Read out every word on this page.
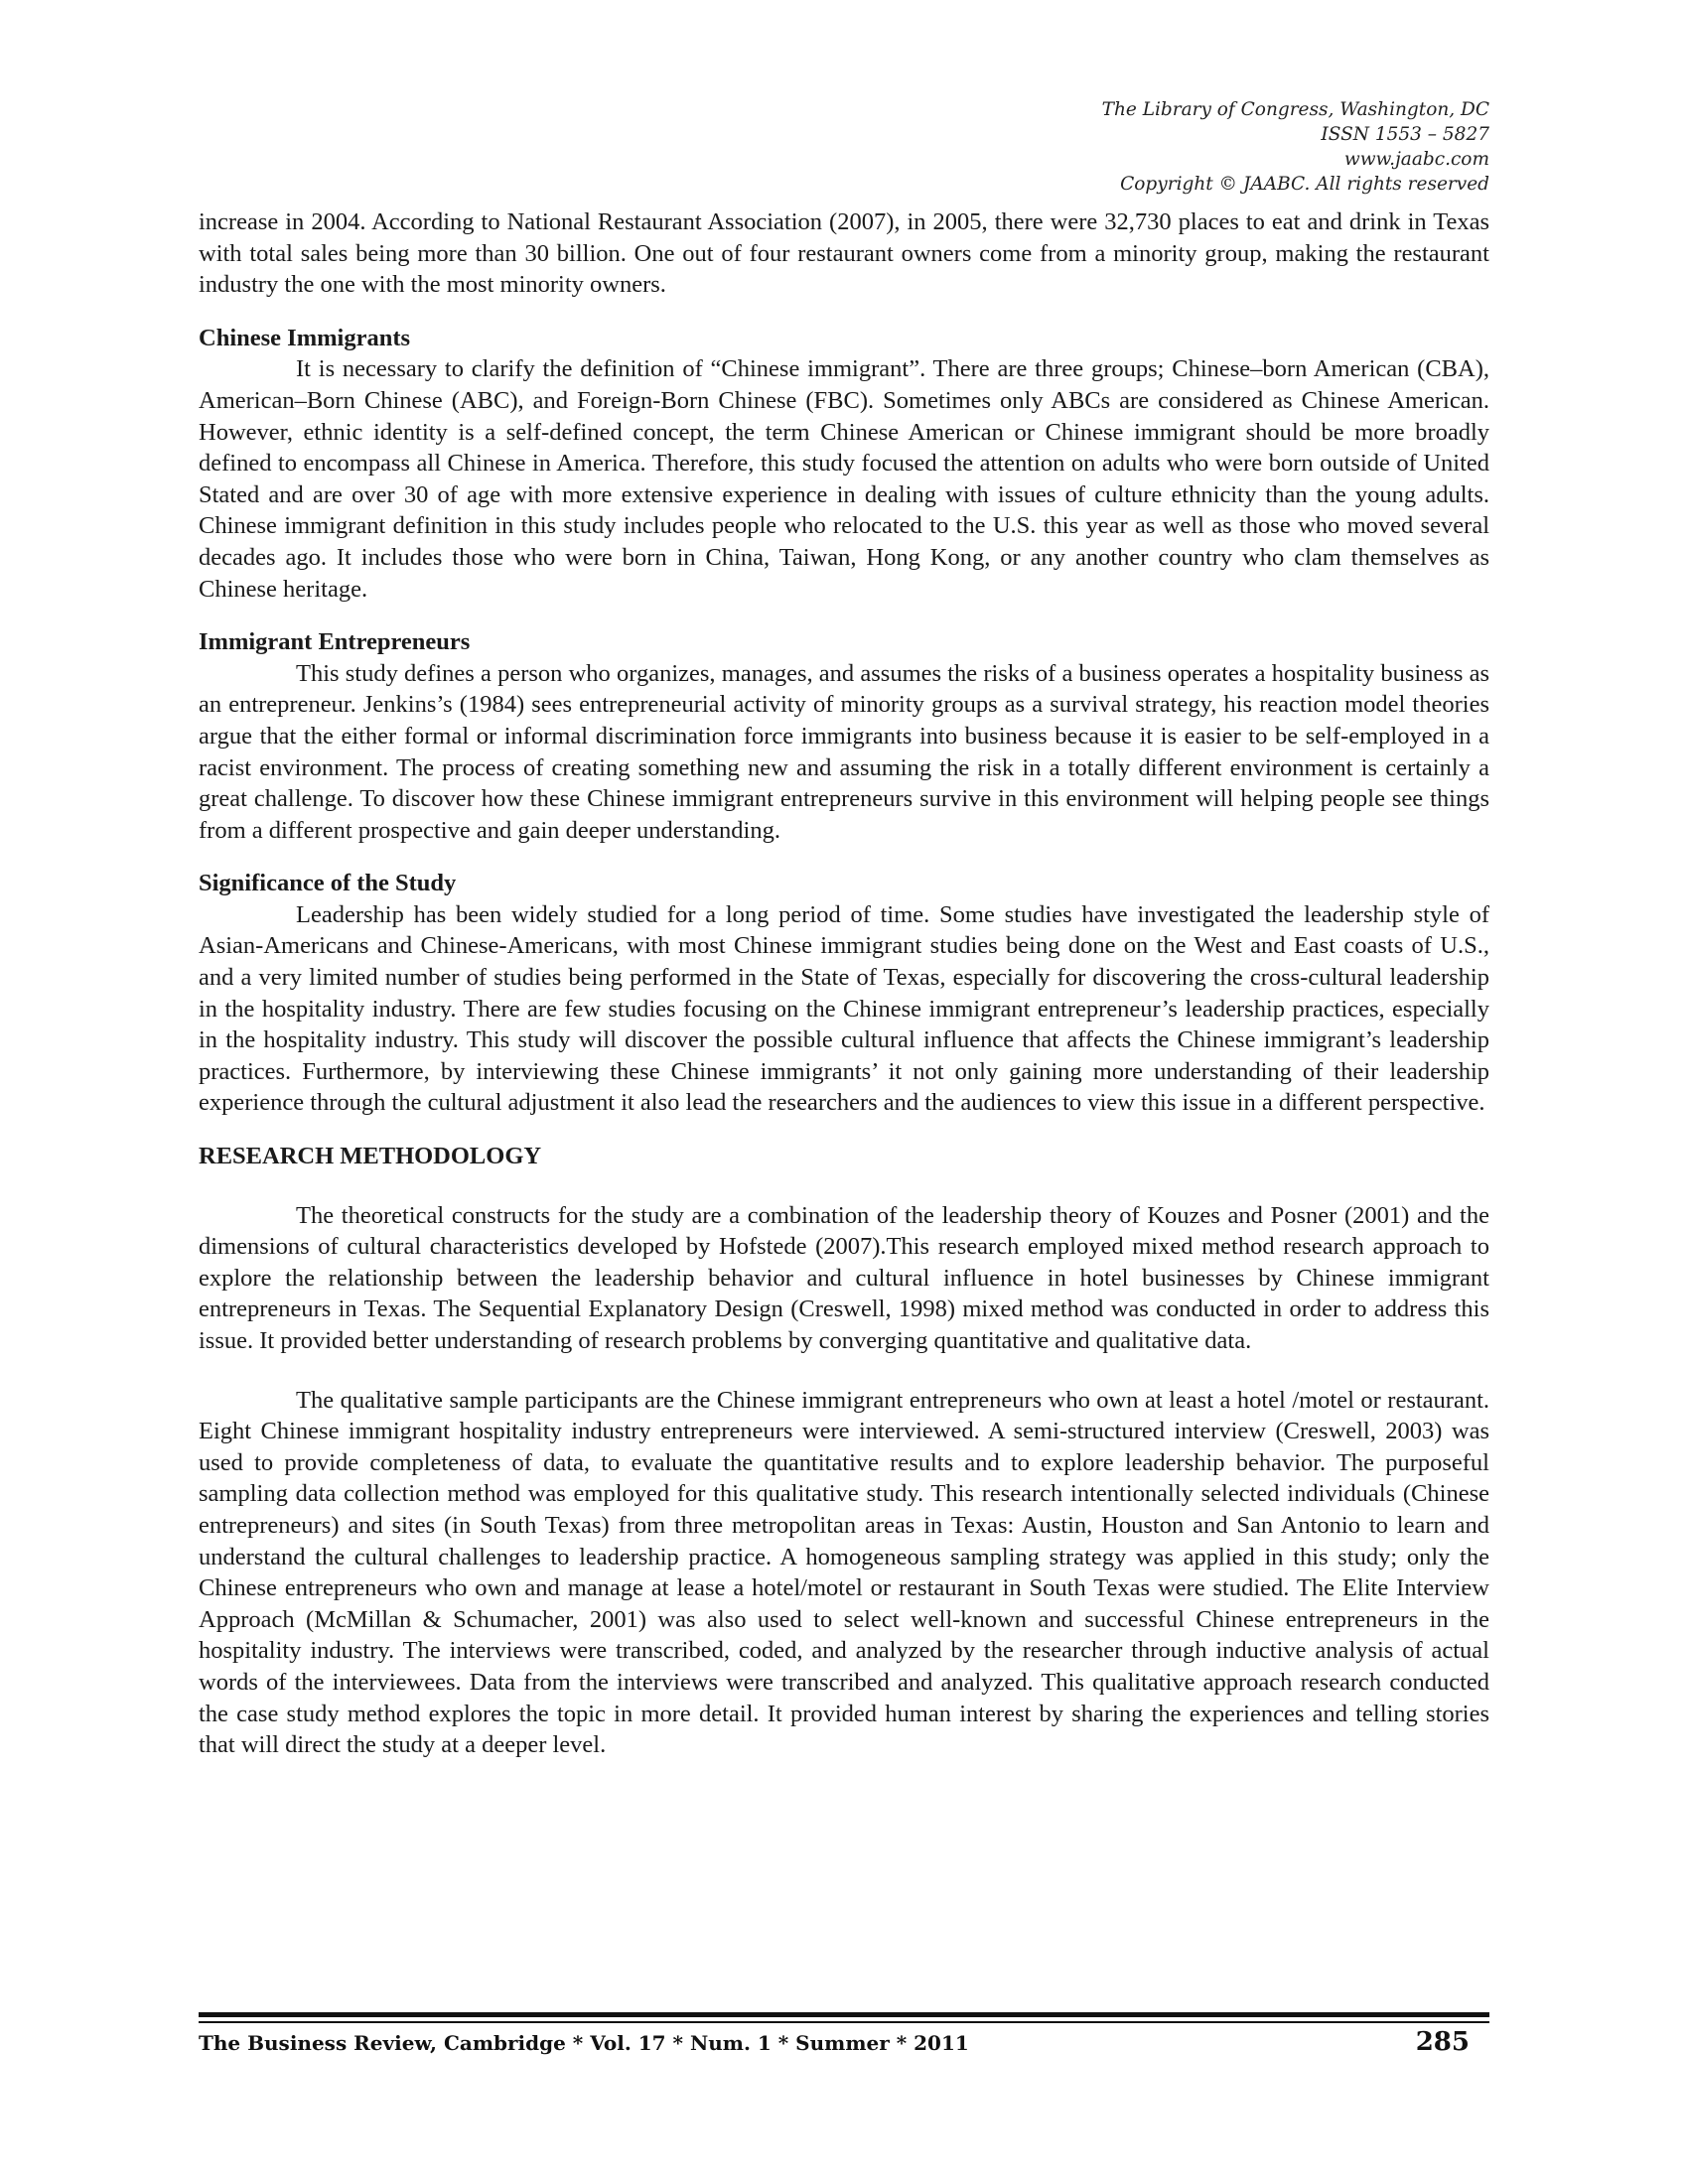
The Library of Congress, Washington, DC
ISSN 1553 – 5827
www.jaabc.com
Copyright © JAABC. All rights reserved

increase in 2004. According to National Restaurant Association (2007), in 2005, there were 32,730 places to eat and drink in Texas with total sales being more than 30 billion. One out of four restaurant owners come from a minority group, making the restaurant industry the one with the most minority owners.

Chinese Immigrants

It is necessary to clarify the definition of “Chinese immigrant”. There are three groups; Chinese–born American (CBA), American–Born Chinese (ABC), and Foreign-Born Chinese (FBC). Sometimes only ABCs are considered as Chinese American. However, ethnic identity is a self-defined concept, the term Chinese American or Chinese immigrant should be more broadly defined to encompass all Chinese in America. Therefore, this study focused the attention on adults who were born outside of United Stated and are over 30 of age with more extensive experience in dealing with issues of culture ethnicity than the young adults. Chinese immigrant definition in this study includes people who relocated to the U.S. this year as well as those who moved several decades ago. It includes those who were born in China, Taiwan, Hong Kong, or any another country who clam themselves as Chinese heritage.

Immigrant Entrepreneurs

This study defines a person who organizes, manages, and assumes the risks of a business operates a hospitality business as an entrepreneur. Jenkins’s (1984) sees entrepreneurial activity of minority groups as a survival strategy, his reaction model theories argue that the either formal or informal discrimination force immigrants into business because it is easier to be self-employed in a racist environment. The process of creating something new and assuming the risk in a totally different environment is certainly a great challenge. To discover how these Chinese immigrant entrepreneurs survive in this environment will helping people see things from a different prospective and gain deeper understanding.

Significance of the Study

Leadership has been widely studied for a long period of time. Some studies have investigated the leadership style of Asian-Americans and Chinese-Americans, with most Chinese immigrant studies being done on the West and East coasts of U.S., and a very limited number of studies being performed in the State of Texas, especially for discovering the cross-cultural leadership in the hospitality industry. There are few studies focusing on the Chinese immigrant entrepreneur’s leadership practices, especially in the hospitality industry. This study will discover the possible cultural influence that affects the Chinese immigrant’s leadership practices. Furthermore, by interviewing these Chinese immigrants’ it not only gaining more understanding of their leadership experience through the cultural adjustment it also lead the researchers and the audiences to view this issue in a different perspective.

RESEARCH METHODOLOGY

The theoretical constructs for the study are a combination of the leadership theory of Kouzes and Posner (2001) and the dimensions of cultural characteristics developed by Hofstede (2007).This research employed mixed method research approach to explore the relationship between the leadership behavior and cultural influence in hotel businesses by Chinese immigrant entrepreneurs in Texas. The Sequential Explanatory Design (Creswell, 1998) mixed method was conducted in order to address this issue. It provided better understanding of research problems by converging quantitative and qualitative data.

The qualitative sample participants are the Chinese immigrant entrepreneurs who own at least a hotel /motel or restaurant. Eight Chinese immigrant hospitality industry entrepreneurs were interviewed. A semi-structured interview (Creswell, 2003) was used to provide completeness of data, to evaluate the quantitative results and to explore leadership behavior. The purposeful sampling data collection method was employed for this qualitative study. This research intentionally selected individuals (Chinese entrepreneurs) and sites (in South Texas) from three metropolitan areas in Texas: Austin, Houston and San Antonio to learn and understand the cultural challenges to leadership practice. A homogeneous sampling strategy was applied in this study; only the Chinese entrepreneurs who own and manage at lease a hotel/motel or restaurant in South Texas were studied. The Elite Interview Approach (McMillan & Schumacher, 2001) was also used to select well-known and successful Chinese entrepreneurs in the hospitality industry. The interviews were transcribed, coded, and analyzed by the researcher through inductive analysis of actual words of the interviewees. Data from the interviews were transcribed and analyzed. This qualitative approach research conducted the case study method explores the topic in more detail. It provided human interest by sharing the experiences and telling stories that will direct the study at a deeper level.

The Business Review, Cambridge * Vol. 17 * Num. 1 * Summer * 2011	285
